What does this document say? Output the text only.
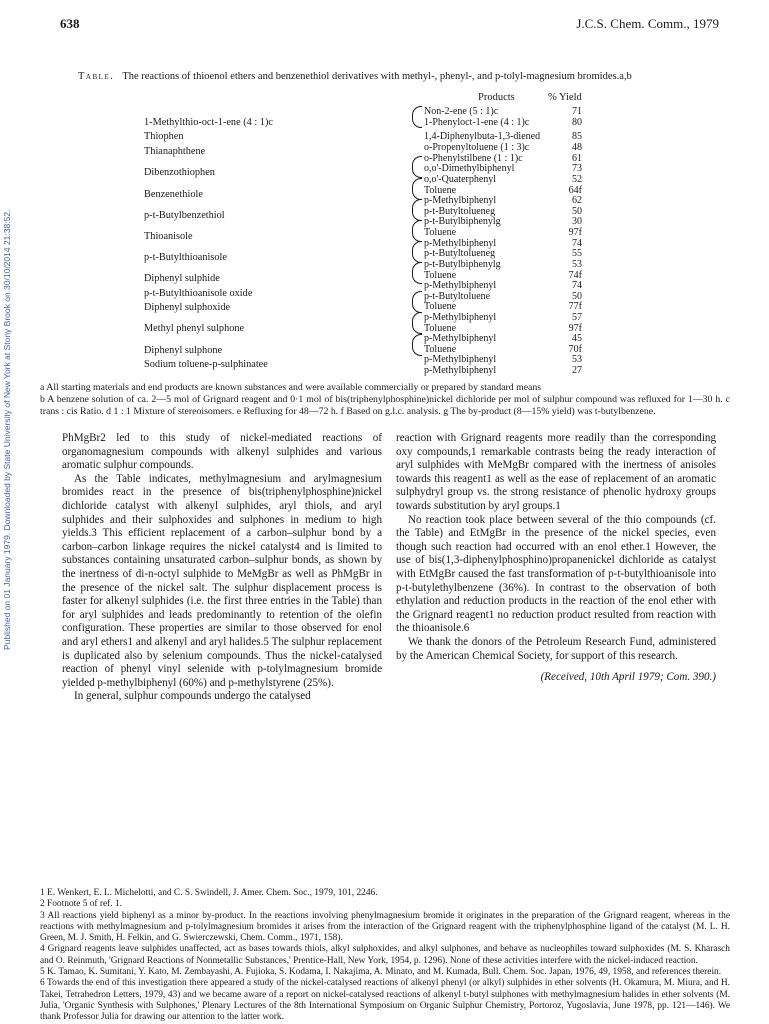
638	J.C.S. Chem. Comm., 1979
Published on 01 January 1979. Downloaded by State University of New York at Stony Brook on 30/10/2014 21:38:52.
Table. The reactions of thioenol ethers and benzenethiol derivatives with methyl-, phenyl-, and p-tolyl-magnesium bromides.a,b
Products	% Yield
1-Methylthio-oct-1-ene (4 : 1)c
Thiophen
Thianaphthene
Dibenzothiophen
Benzenethiole
p-t-Butylbenzethiol
Thioanisole
p-t-Butylthioanisole
Diphenyl sulphide
p-t-Butylthioanisole oxide
Diphenyl sulphoxide
Methyl phenyl sulphone
Diphenyl sulphone
Sodium toluene-p-sulphinatee
Non-2-ene (5 : 1)c
1-Phenyloct-1-ene (4 : 1)c
1,4-Diphenylbuta-1,3-diened
o-Propenyltoluene (1 : 3)c
o-Phenylstilbene (1 : 1)c
o,o'-Dimethylbiphenyl
o,o'-Quaterphenyl
Toluene
p-Methylbiphenyl
p-t-Butyltolueneg
p-t-Butylbiphenylg
Toluene
p-Methylbiphenyl
p-t-Butyltolueneg
p-t-Butylbiphenylg
Toluene
p-Methylbiphenyl
p-t-Butyltoluene
Toluene
p-Methylbiphenyl
Toluene
p-Methylbiphenyl
Toluene
p-Methylbiphenyl
p-Methylbiphenyl
71
80
85
48
61
73
52
64f
62
50
30
97f
74
55
53
74f
74
50
77f
57
97f
45
70f
53
27

a All starting materials and end products are known substances and were available commercially or prepared by standard means

b A benzene solution of ca. 2—5 mol of Grignard reagent and 0·1 mol of bis(triphenylphosphine)nickel dichloride per mol of sulphur compound was refluxed for 1—30 h. c trans : cis Ratio. d 1 : 1 Mixture of stereoisomers. e Refluxing for 48—72 h. f Based on g.l.c. analysis. g The by-product (8—15% yield) was t-butylbenzene.

PhMgBr2 led to this study of nickel-mediated reactions of organomagnesium compounds with alkenyl sulphides and various aromatic sulphur compounds.

As the Table indicates, methylmagnesium and arylmagnesium bromides react in the presence of bis(triphenylphosphine)nickel dichloride catalyst with alkenyl sulphides, aryl thiols, and aryl sulphides and their sulphoxides and sulphones in medium to high yields.3 This efficient replacement of a carbon–sulphur bond by a carbon–carbon linkage requires the nickel catalyst4 and is limited to substances containing unsaturated carbon–sulphur bonds, as shown by the inertness of di-n-octyl sulphide to MeMgBr as well as PhMgBr in the presence of the nickel salt. The sulphur displacement process is faster for alkenyl sulphides (i.e. the first three entries in the Table) than for aryl sulphides and leads predominantly to retention of the olefin configuration. These properties are similar to those observed for enol and aryl ethers1 and alkenyl and aryl halides.5 The sulphur replacement is duplicated also by selenium compounds. Thus the nickel-catalysed reaction of phenyl vinyl selenide with p-tolylmagnesium bromide yielded p-methylbiphenyl (60%) and p-methylstyrene (25%).

In general, sulphur compounds undergo the catalysed

reaction with Grignard reagents more readily than the corresponding oxy compounds,1 remarkable contrasts being the ready interaction of aryl sulphides with MeMgBr compared with the inertness of anisoles towards this reagent1 as well as the ease of replacement of an aromatic sulphydryl group vs. the strong resistance of phenolic hydroxy groups towards substitution by aryl groups.1

No reaction took place between several of the thio compounds (cf. the Table) and EtMgBr in the presence of the nickel species, even though such reaction had occurred with an enol ether.1 However, the use of bis(1,3-diphenylphosphino)propanenickel dichloride as catalyst with EtMgBr caused the fast transformation of p-t-butylthioanisole into p-t-butylethylbenzene (36%). In contrast to the observation of both ethylation and reduction products in the reaction of the enol ether with the Grignard reagent1 no reduction product resulted from reaction with the thioanisole.6

We thank the donors of the Petroleum Research Fund, administered by the American Chemical Society, for support of this research.

(Received, 10th April 1979; Com. 390.)

1 E. Wenkert, E. L. Michelotti, and C. S. Swindell, J. Amer. Chem. Soc., 1979, 101, 2246.

2 Footnote 5 of ref. 1.

3 All reactions yield biphenyl as a minor by-product. In the reactions involving phenylmagnesium bromide it originates in the preparation of the Grignard reagent, whereas in the reactions with methylmagnesium and p-tolylmagnesium bromides it arises from the interaction of the Grignard reagent with the triphenylphosphine ligand of the catalyst (M. L. H. Green, M. J. Smith, H. Felkin, and G. Swierczewski, Chem. Comm., 1971, 158).

4 Grignard reagents leave sulphides unaffected, act as bases towards thiols, alkyl sulphoxides, and alkyl sulphones, and behave as nucleophiles toward sulphoxides (M. S. Kharasch and O. Reinmuth, 'Grignard Reactions of Nonmetallic Substances,' Prentice-Hall, New York, 1954, p. 1296). None of these activities interfere with the nickel-induced reaction.

5 K. Tamao, K. Sumitani, Y. Kato, M. Zembayashi, A. Fujioka, S. Kodama, I. Nakajima, A. Minato, and M. Kumada, Bull. Chem. Soc. Japan, 1976, 49, 1958, and references therein.

6 Towards the end of this investigation there appeared a study of the nickel-catalysed reactions of alkenyl phenyl (or alkyl) sulphides in ether solvents (H. Okamura, M. Miura, and H. Takei, Tetrahedron Letters, 1979, 43) and we became aware of a report on nickel-catalysed reactions of alkenyl t-butyl sulphones with methylmagnesium halides in ether solvents (M. Julia, 'Organic Synthesis with Sulphones,' Plenary Lectures of the 8th International Symposium on Organic Sulphur Chemistry, Portoroz, Yugoslavia, June 1978, pp. 121—146). We thank Professor Julia for drawing our attention to the latter work.
